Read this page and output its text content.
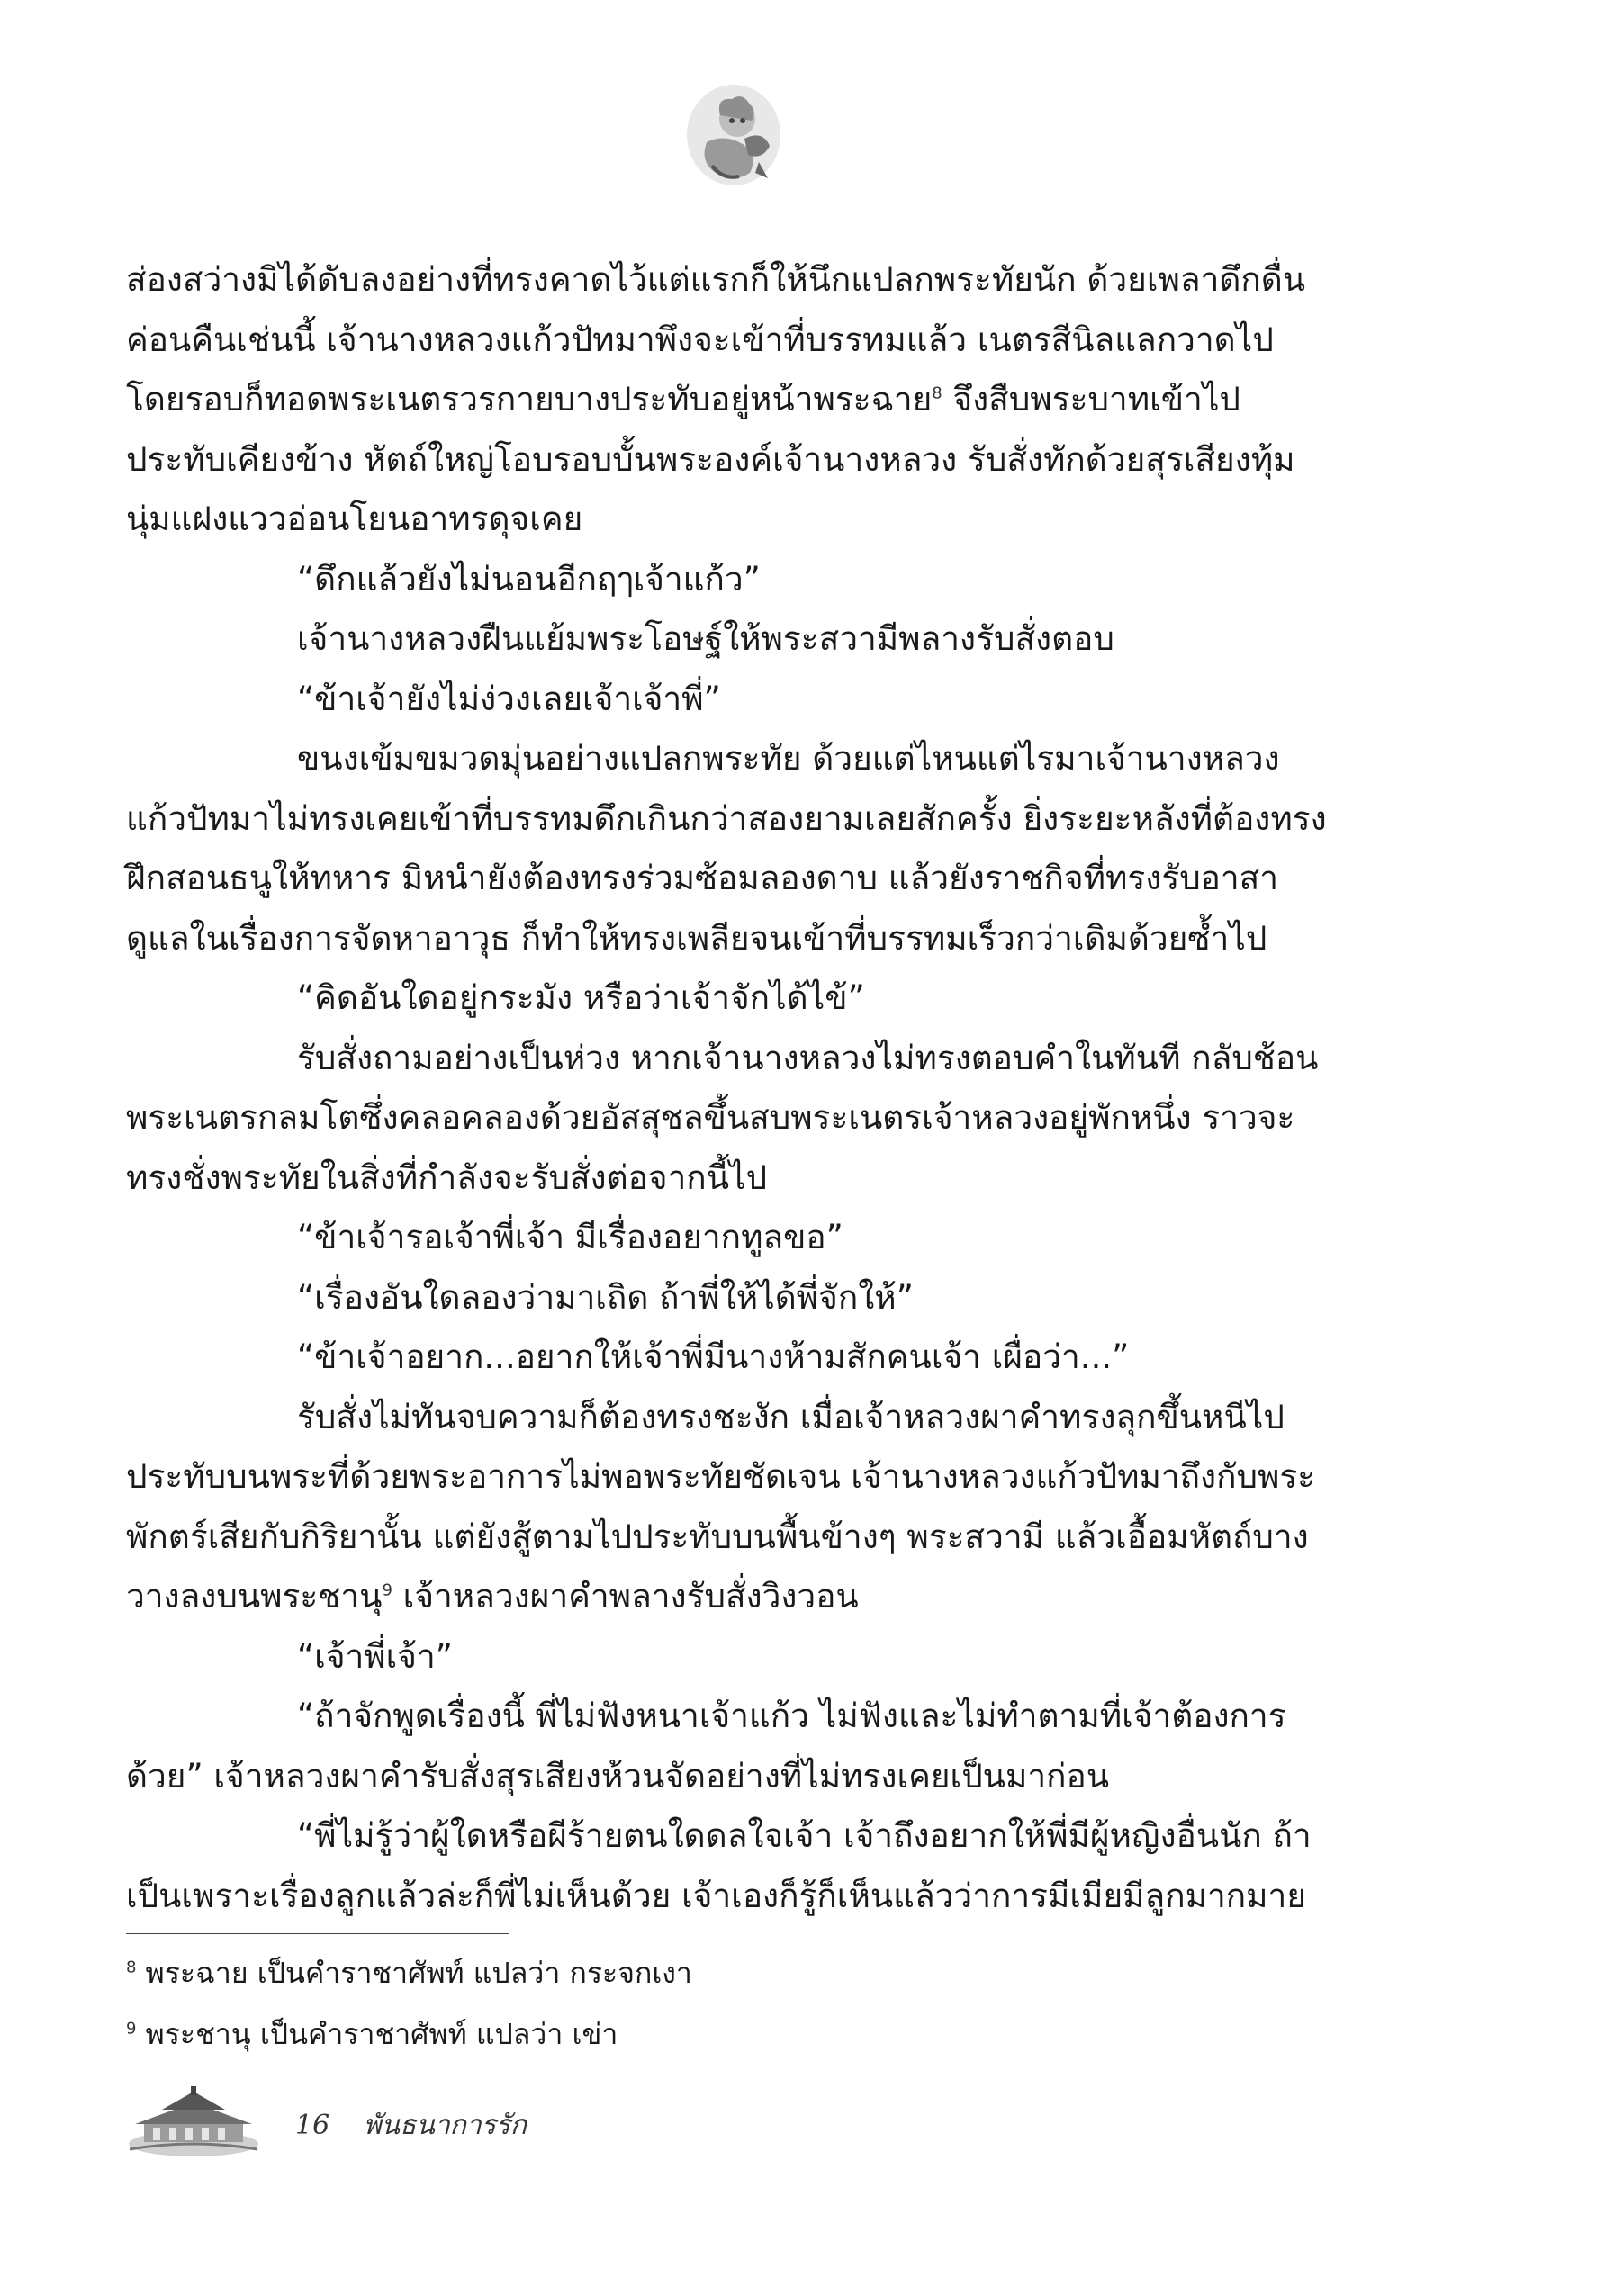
ส่องสว่างมิได้ดับลงอย่างที่ทรงคาดไว้แต่แรกก็ให้นึกแปลกพระทัยนัก ด้วยเพลาดึกดื่นค่อนคืนเช่นนี้ เจ้านางหลวงแก้วปัทมาพึงจะเข้าที่บรรทมแล้ว เนตรสีนิลแลกวาดไปโดยรอบก็ทอดพระเนตรวรกายบางประทับอยู่หน้าพระฉาย$^8$ จึงสืบพระบาทเข้าไปประทับเคียงข้าง หัตถ์ใหญ่โอบรอบบั้นพระองค์เจ้านางหลวง รับสั่งทักด้วยสุรเสียงทุ้มนุ่มแฝงแววอ่อนโยนอาทรดุจเคย

“ดึกแล้วยังไม่นอนอีกฤๅเจ้าแก้ว”

เจ้านางหลวงฝืนแย้มพระโอษฐ์ให้พระสวามีพลางรับสั่งตอบ

“ข้าเจ้ายังไม่ง่วงเลยเจ้าเจ้าพี่”

ขนงเข้มขมวดมุ่นอย่างแปลกพระทัย ด้วยแต่ไหนแต่ไรมาเจ้านางหลวงแก้วปัทมาไม่ทรงเคยเข้าที่บรรทมดึกเกินกว่าสองยามเลยสักครั้ง ยิ่งระยะหลังที่ต้องทรงฝึกสอนธนูให้ทหาร มิหนำยังต้องทรงร่วมซ้อมลองดาบ แล้วยังราชกิจที่ทรงรับอาสาดูแลในเรื่องการจัดหาอาวุธ ก็ทำให้ทรงเพลียจนเข้าที่บรรทมเร็วกว่าเดิมด้วยซ้ำไป

“คิดอันใดอยู่กระมัง หรือว่าเจ้าจักได้ไข้”

รับสั่งถามอย่างเป็นห่วง หากเจ้านางหลวงไม่ทรงตอบคำในทันที กลับช้อนพระเนตรกลมโตซึ่งคลอคลองด้วยอัสสุชลขึ้นสบพระเนตรเจ้าหลวงอยู่พักหนึ่ง ราวจะทรงชั่งพระทัยในสิ่งที่กำลังจะรับสั่งต่อจากนี้ไป

“ข้าเจ้ารอเจ้าพี่เจ้า มีเรื่องอยากทูลขอ”

“เรื่องอันใดลองว่ามาเถิด ถ้าพี่ให้ได้พี่จักให้”

“ข้าเจ้าอยาก...อยากให้เจ้าพี่มีนางห้ามสักคนเจ้า เผื่อว่า...”

รับสั่งไม่ทันจบความก็ต้องทรงชะงัก เมื่อเจ้าหลวงผาคำทรงลุกขึ้นหนีไปประทับบนพระที่ด้วยพระอาการไม่พอพระทัยชัดเจน เจ้านางหลวงแก้วปัทมาถึงกับพระพักตร์เสียกับกิริยานั้น แต่ยังสู้ตามไปประทับบนพื้นข้างๆ พระสวามี แล้วเอื้อมหัตถ์บางวางลงบนพระชานุ$^9$ เจ้าหลวงผาคำพลางรับสั่งวิงวอน

“เจ้าพี่เจ้า”

“ถ้าจักพูดเรื่องนี้ พี่ไม่ฟังหนาเจ้าแก้ว ไม่ฟังและไม่ทำตามที่เจ้าต้องการด้วย” เจ้าหลวงผาคำรับสั่งสุรเสียงห้วนจัดอย่างที่ไม่ทรงเคยเป็นมาก่อน

“พี่ไม่รู้ว่าผู้ใดหรือผีร้ายตนใดดลใจเจ้า เจ้าถึงอยากให้พี่มีผู้หญิงอื่นนัก ถ้าเป็นเพราะเรื่องลูกแล้วล่ะก็พี่ไม่เห็นด้วย เจ้าเองก็รู้ก็เห็นแล้วว่าการมีเมียมีลูกมากมาย

$^8$ พระฉาย เป็นคำราชาศัพท์ แปลว่า กระจกเงา

$^9$ พระชานุ เป็นคำราชาศัพท์ แปลว่า เข่า

16 พันธนาการรัก
